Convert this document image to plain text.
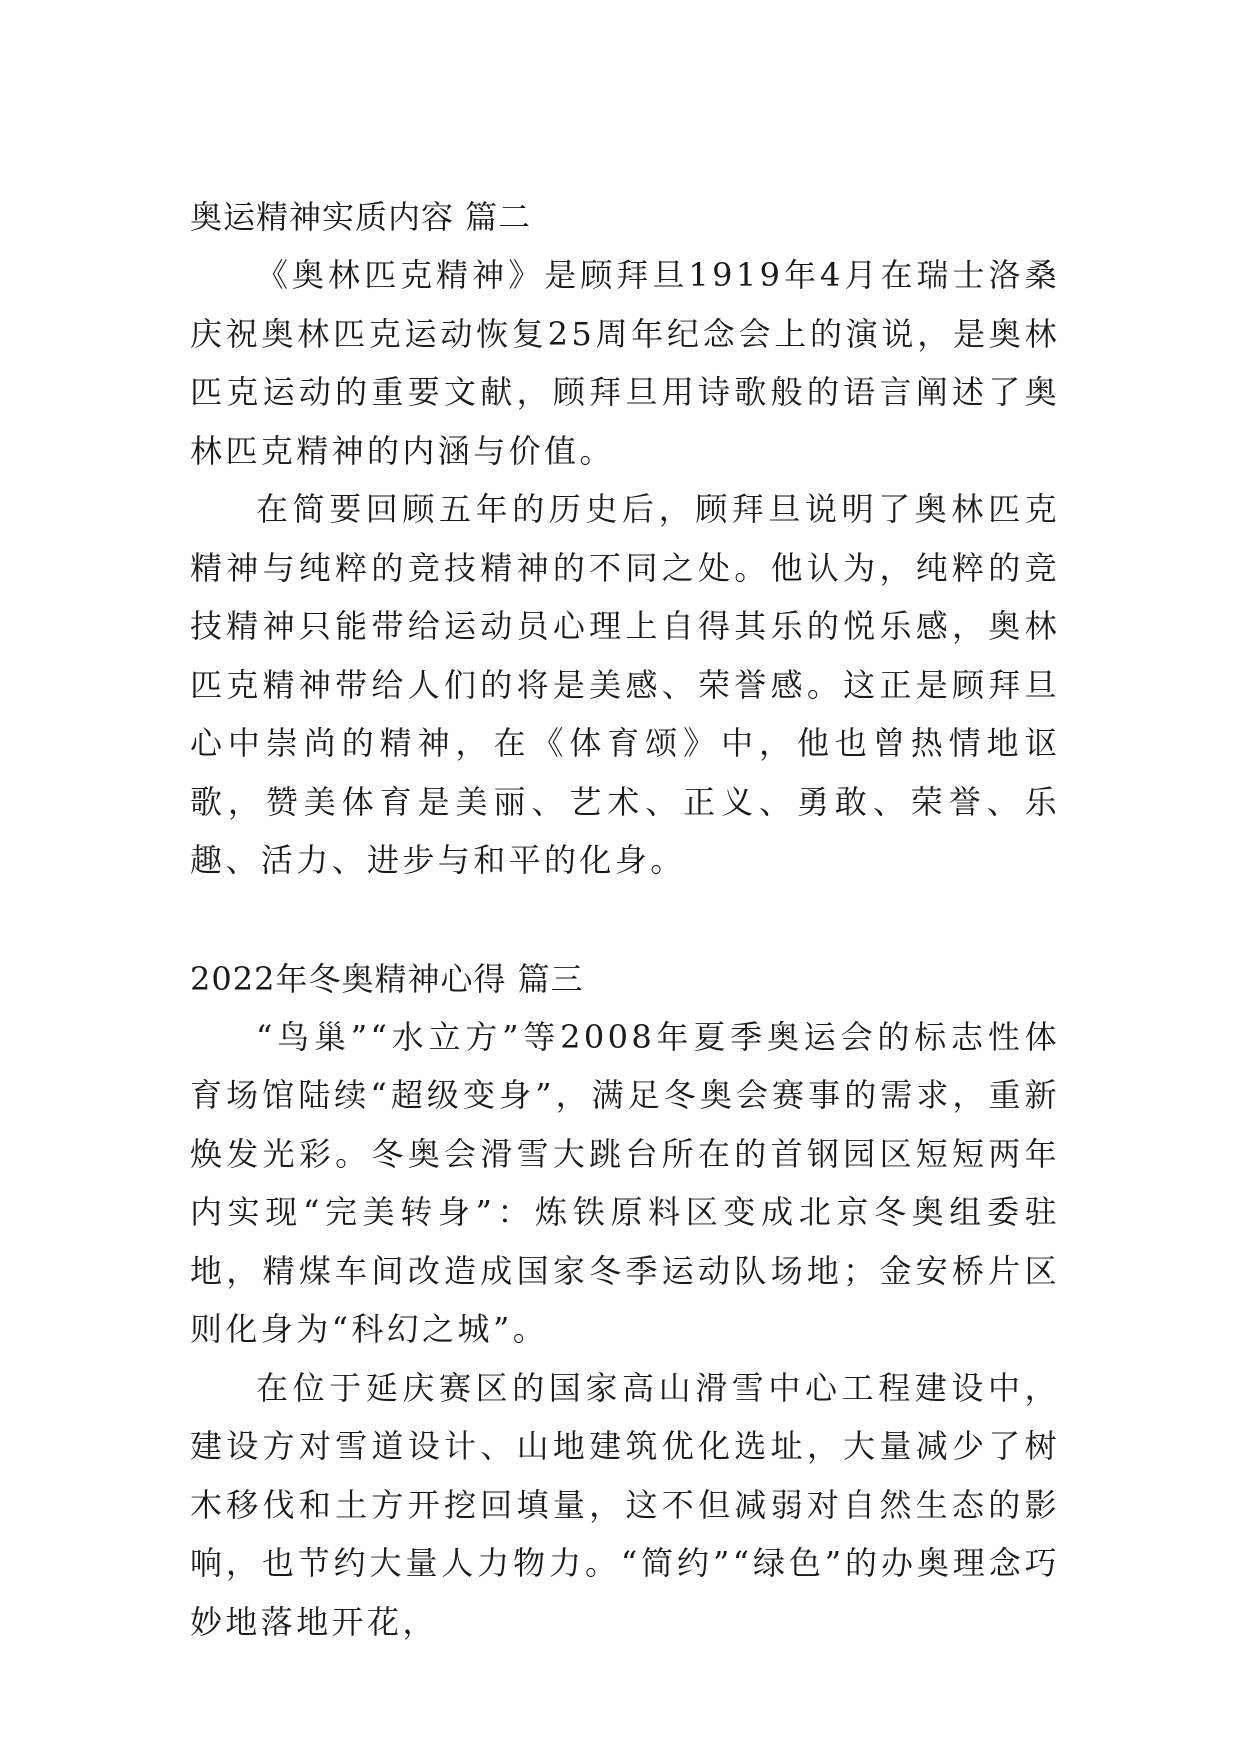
奥运精神实质内容 篇二

《奥林匹克精神》是顾拜旦1919年4月在瑞士洛桑庆祝奥林匹克运动恢复25周年纪念会上的演说，是奥林匹克运动的重要文献，顾拜旦用诗歌般的语言阐述了奥林匹克精神的内涵与价值。

在简要回顾五年的历史后，顾拜旦说明了奥林匹克精神与纯粹的竞技精神的不同之处。他认为，纯粹的竞技精神只能带给运动员心理上自得其乐的悦乐感，奥林匹克精神带给人们的将是美感、荣誉感。这正是顾拜旦心中崇尚的精神，在《体育颂》中，他也曾热情地讴歌，赞美体育是美丽、艺术、正义、勇敢、荣誉、乐趣、活力、进步与和平的化身。

2022年冬奥精神心得 篇三

“鸟巢”“水立方”等2008年夏季奥运会的标志性体育场馆陆续“超级变身”，满足冬奥会赛事的需求，重新焕发光彩。冬奥会滑雪大跳台所在的首钢园区短短两年内实现“完美转身”：炼铁原料区变成北京冬奥组委驻地，精煤车间改造成国家冬季运动队场地；金安桥片区则化身为“科幻之城”。

在位于延庆赛区的国家高山滑雪中心工程建设中，建设方对雪道设计、山地建筑优化选址，大量减少了树木移伐和土方开挖回填量，这不但减弱对自然生态的影响，也节约大量人力物力。“简约”“绿色”的办奥理念巧妙地落地开花，
